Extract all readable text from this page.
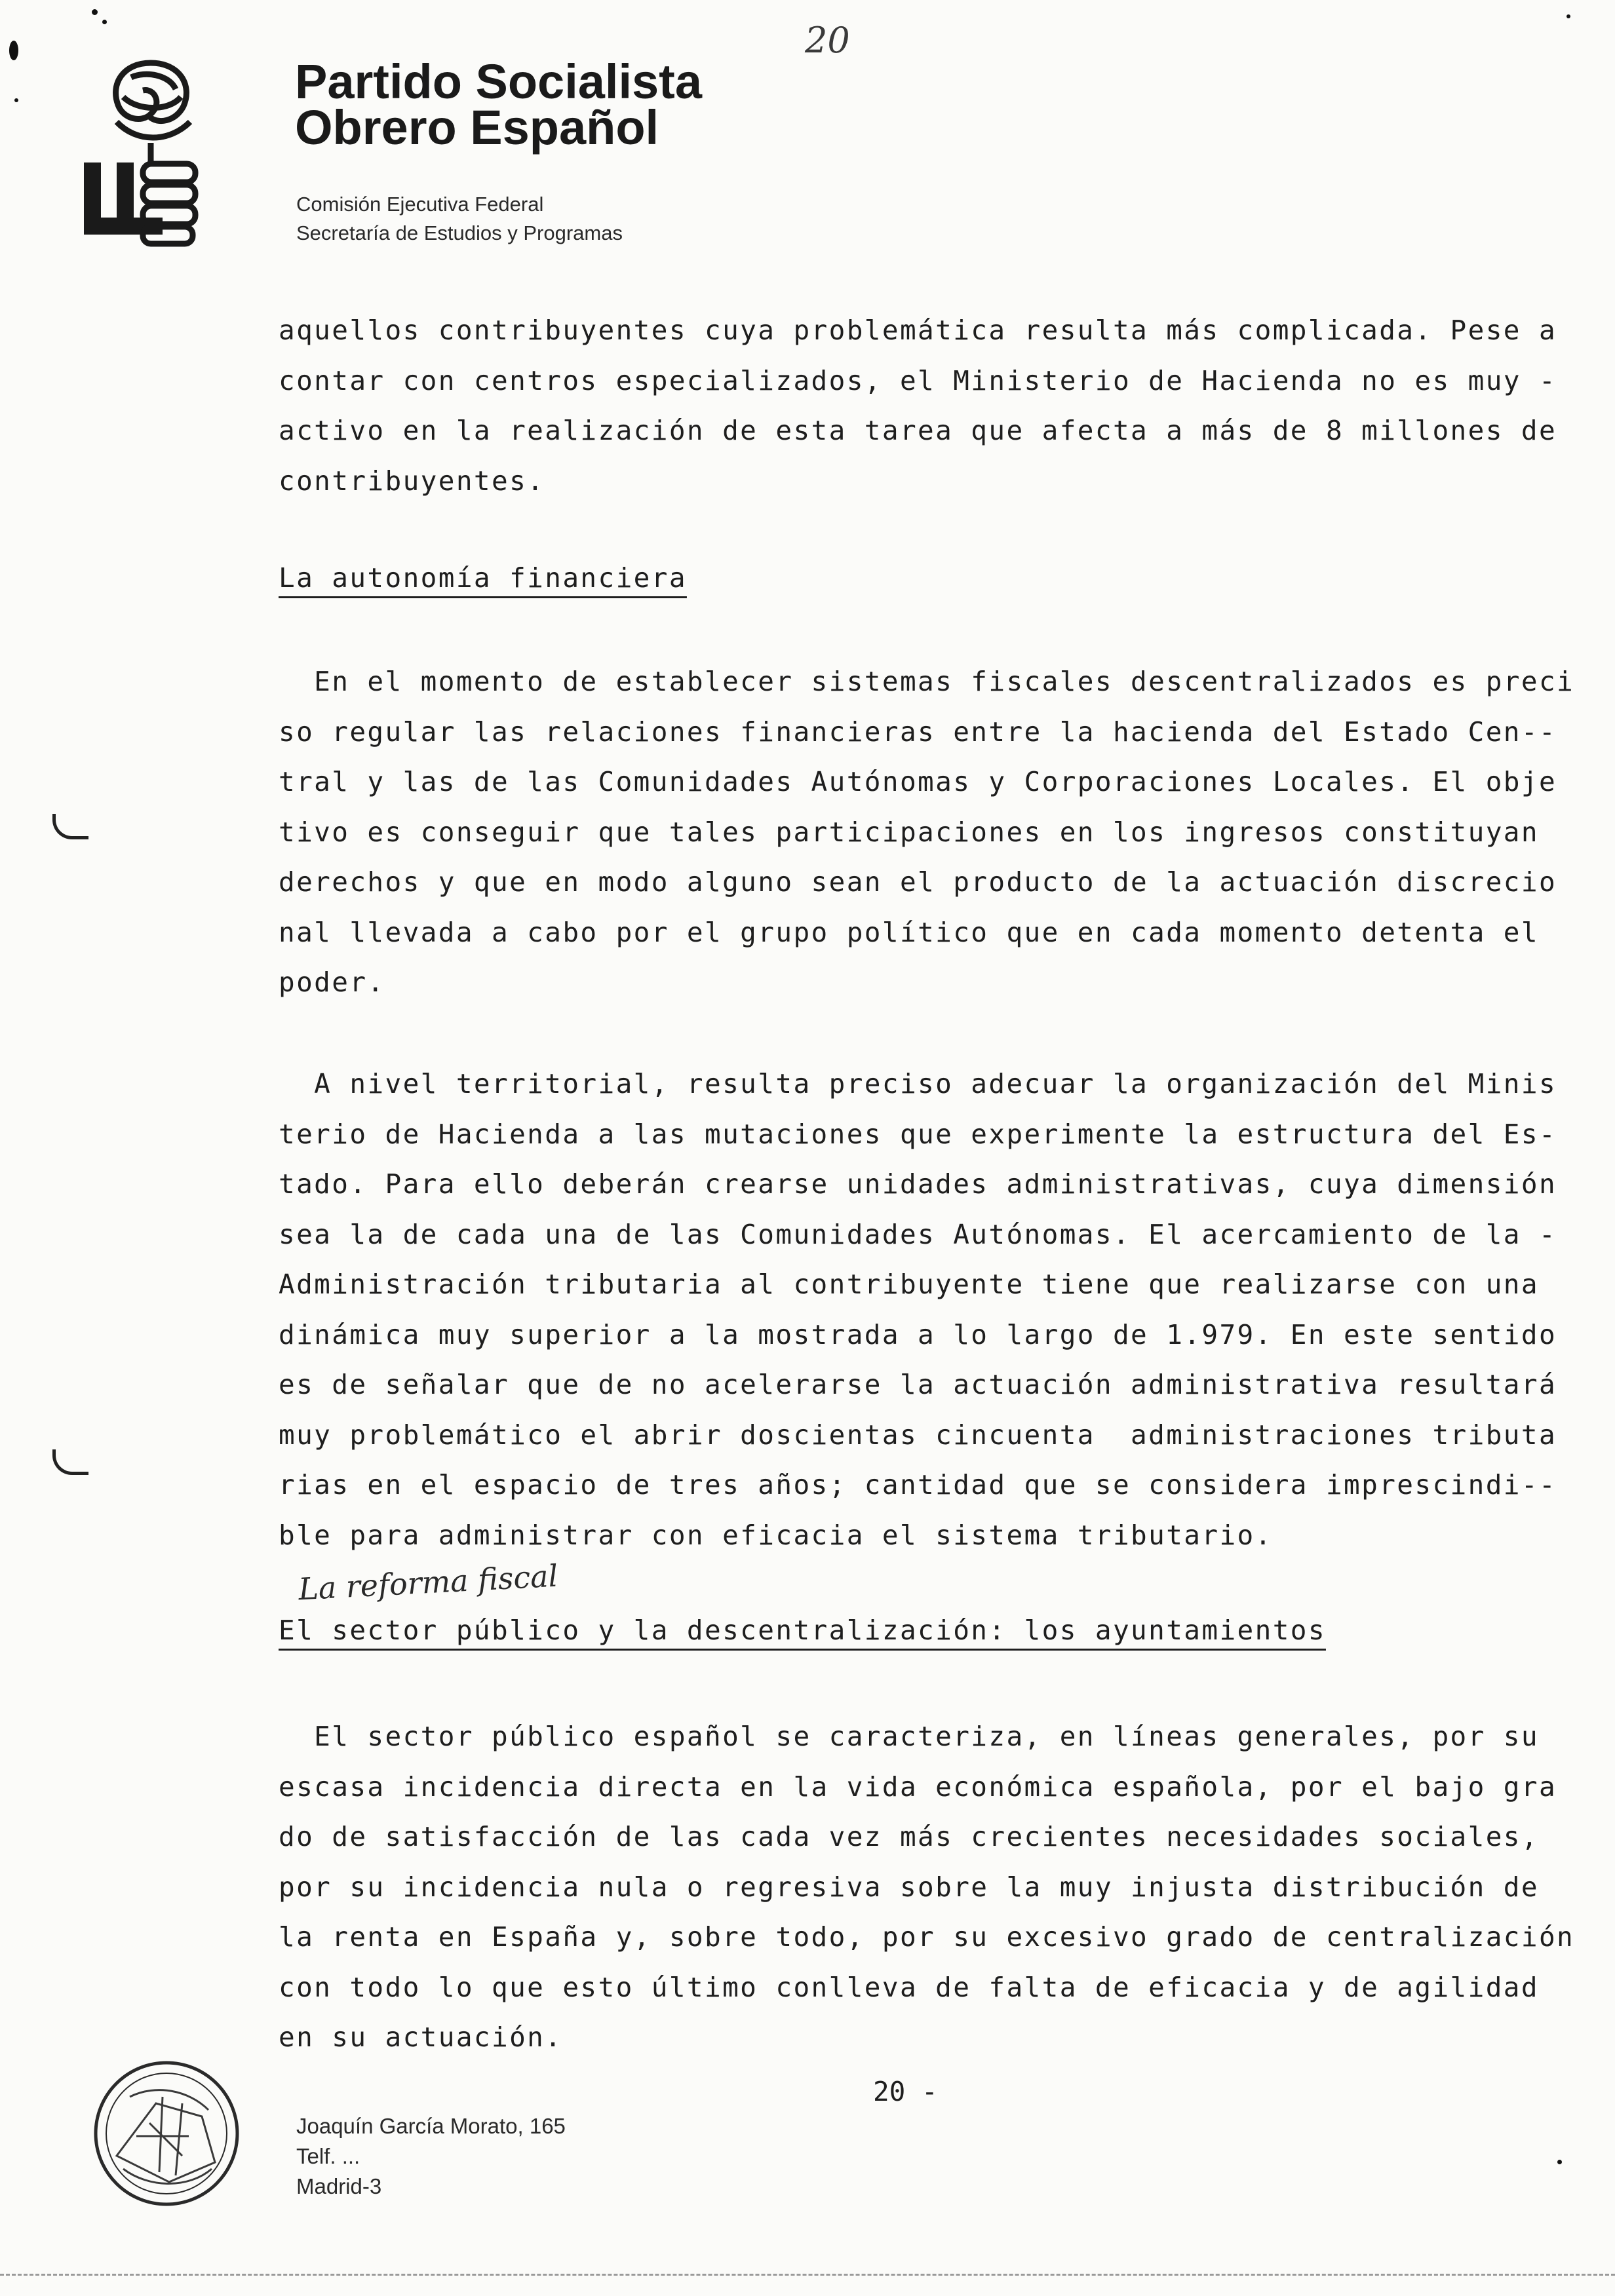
Partido Socialista
Obrero Español
Comisión Ejecutiva Federal
Secretaría de Estudios y Programas
20
aquellos contribuyentes cuya problemática resulta más complicada. Pese a
contar con centros especializados, el Ministerio de Hacienda no es muy -
activo en la realización de esta tarea que afecta a más de 8 millones de
contribuyentes.
La autonomía financiera
En el momento de establecer sistemas fiscales descentralizados es preci
so regular las relaciones financieras entre la hacienda del Estado Cen--
tral y las de las Comunidades Autónomas y Corporaciones Locales. El obje
tivo es conseguir que tales participaciones en los ingresos constituyan
derechos y que en modo alguno sean el producto de la actuación discrecio
nal llevada a cabo por el grupo político que en cada momento detenta el
poder.
A nivel territorial, resulta preciso adecuar la organización del Minis
terio de Hacienda a las mutaciones que experimente la estructura del Es-
tado. Para ello deberán crearse unidades administrativas, cuya dimensión
sea la de cada una de las Comunidades Autónomas. El acercamiento de la -
Administración tributaria al contribuyente tiene que realizarse con una
dinámica muy superior a la mostrada a lo largo de 1.979. En este sentido
es de señalar que de no acelerarse la actuación administrativa resultará
muy problemático el abrir doscientas cincuenta  administraciones tributa
rias en el espacio de tres años; cantidad que se considera imprescindi--
ble para administrar con eficacia el sistema tributario.
La reforma fiscal
El sector público y la descentralización: los ayuntamientos
El sector público español se caracteriza, en líneas generales, por su
escasa incidencia directa en la vida económica española, por el bajo gra
do de satisfacción de las cada vez más crecientes necesidades sociales,
por su incidencia nula o regresiva sobre la muy injusta distribución de
la renta en España y, sobre todo, por su excesivo grado de centralización
con todo lo que esto último conlleva de falta de eficacia y de agilidad
en su actuación.
20 -
Joaquín García Morato, 165
Telf. ...
Madrid-3
